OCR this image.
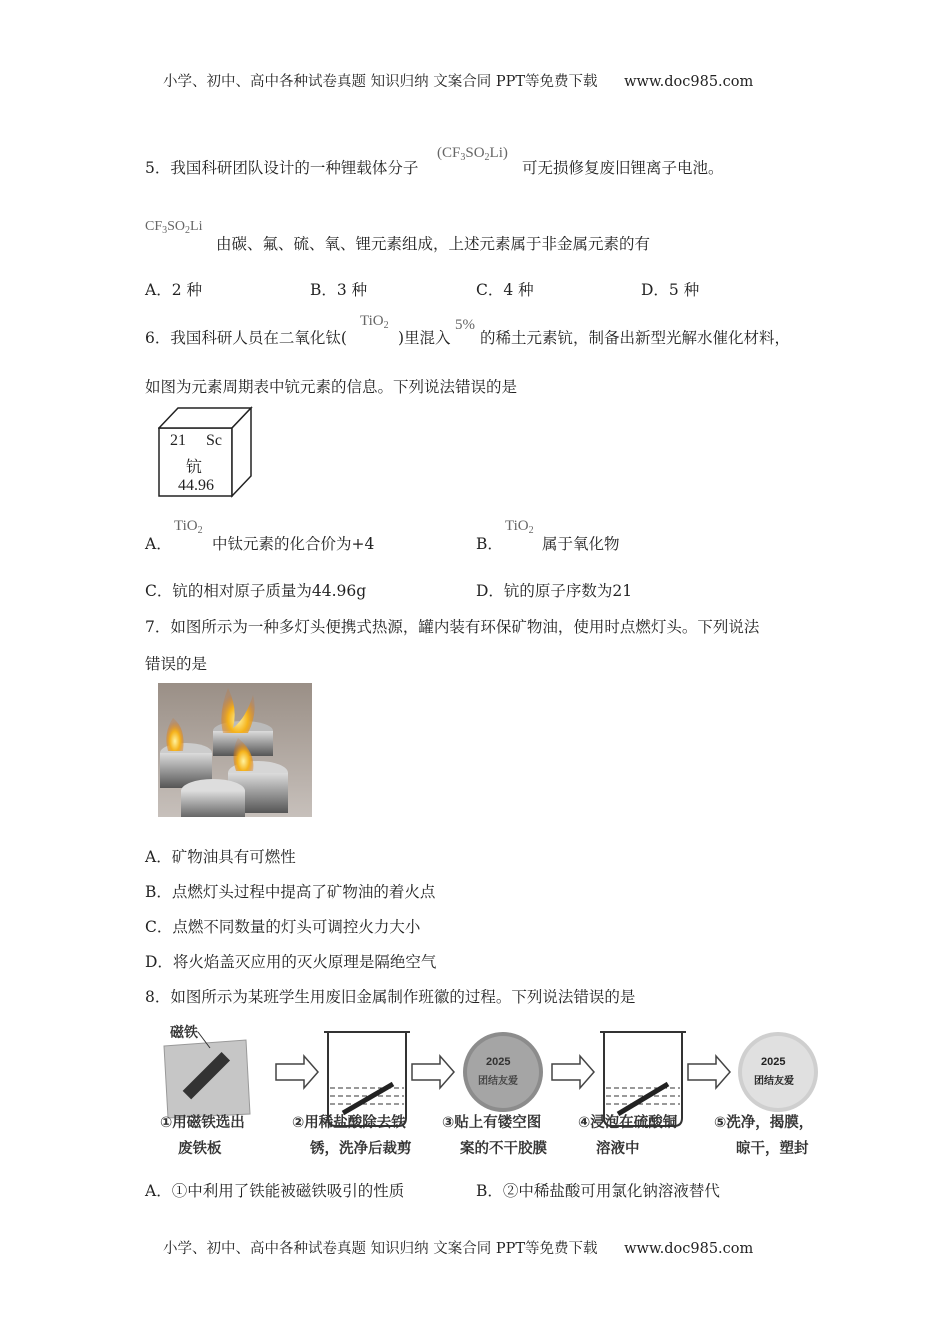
小学、初中、高中各种试卷真题 知识归纳 文案合同 PPT等免费下载 www.doc985.com
5．我国科研团队设计的一种锂载体分子
$(CF_3SO_2Li)$
可无损修复废旧锂离子电池。
$CF_3SO_2Li$
由碳、氟、硫、氧、锂元素组成，上述元素属于非金属元素的有
A．2 种	B．3 种	C．4 种	D．5 种
6．我国科研人员在二氧化钛(
TiO$_2$
)里混入
5%
的稀土元素钪，制备出新型光解水催化材料，
如图为元素周期表中钪元素的信息。下列说法错误的是
21 Sc
钪
44.96
A．
TiO$_2$
中钛元素的化合价为+4	B．
TiO$_2$
属于氧化物
C．钪的相对原子质量为44.96g	D．钪的原子序数为21
7．如图所示为一种多灯头便携式热源，罐内装有环保矿物油，使用时点燃灯头。下列说法
错误的是
A．矿物油具有可燃性
B．点燃灯头过程中提高了矿物油的着火点
C．点燃不同数量的灯头可调控火力大小
D．将火焰盖灭应用的灭火原理是隔绝空气
8．如图所示为某班学生用废旧金属制作班徽的过程。下列说法错误的是
磁铁
2025
团结友爱
2025
团结友爱
①用磁铁选出
废铁板
②用稀盐酸除去铁
锈，洗净后裁剪
③贴上有镂空图
案的不干胶膜
④浸泡在硫酸铜
溶液中
⑤洗净，揭膜，
晾干，塑封
A．①中利用了铁能被磁铁吸引的性质	B．②中稀盐酸可用氯化钠溶液替代
小学、初中、高中各种试卷真题 知识归纳 文案合同 PPT等免费下载 www.doc985.com
